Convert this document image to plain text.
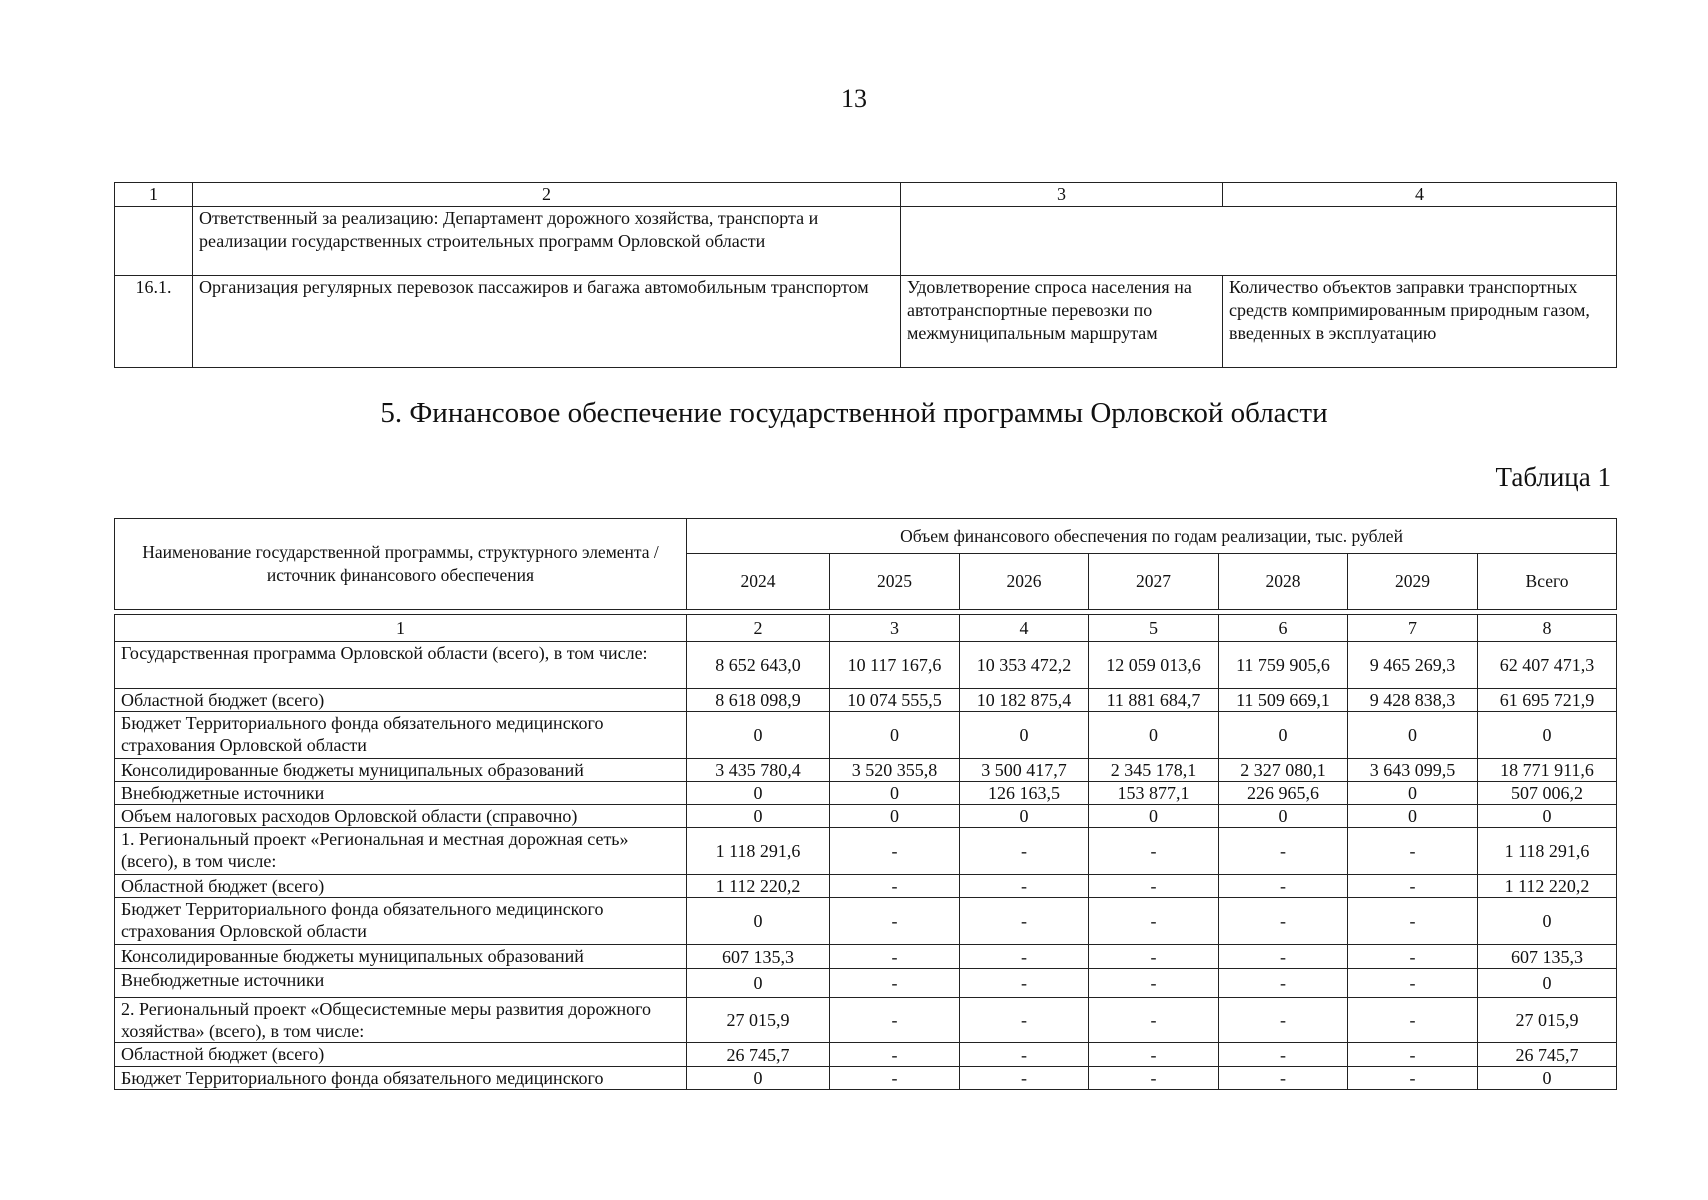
13
1	2	3	4
	Ответственный за реализацию: Департамент дорожного хозяйства, транспорта и реализации государственных строительных программ Орловской области		
16.1.	Организация регулярных перевозок пассажиров и багажа автомобильным транспортом	Удовлетворение спроса населения на автотранспортные перевозки по межмуниципальным маршрутам	Количество объектов заправки транспортных средств компримированным природным газом, введенных в эксплуатацию
5. Финансовое обеспечение государственной программы Орловской области
Таблица 1
Наименование государственной программы, структурного элемента / источник финансового обеспечения	Объем финансового обеспечения по годам реализации, тыс. рублей						
	2024	2025	2026	2027	2028	2029	Всего
1	2	3	4	5	6	7	8
Государственная программа Орловской области (всего), в том числе:	8 652 643,0	10 117 167,6	10 353 472,2	12 059 013,6	11 759 905,6	9 465 269,3	62 407 471,3
Областной бюджет (всего)	8 618 098,9	10 074 555,5	10 182 875,4	11 881 684,7	11 509 669,1	9 428 838,3	61 695 721,9
Бюджет Территориального фонда обязательного медицинского страхования Орловской области	0	0	0	0	0	0	0
Консолидированные бюджеты муниципальных образований	3 435 780,4	3 520 355,8	3 500 417,7	2 345 178,1	2 327 080,1	3 643 099,5	18 771 911,6
Внебюджетные источники	0	0	126 163,5	153 877,1	226 965,6	0	507 006,2
Объем налоговых расходов Орловской области (справочно)	0	0	0	0	0	0	0
1. Региональный проект «Региональная и местная дорожная сеть» (всего), в том числе:	1 118 291,6	-	-	-	-	-	1 118 291,6
Областной бюджет (всего)	1 112 220,2	-	-	-	-	-	1 112 220,2
Бюджет Территориального фонда обязательного медицинского страхования Орловской области	0	-	-	-	-	-	0
Консолидированные бюджеты муниципальных образований	607 135,3	-	-	-	-	-	607 135,3
Внебюджетные источники	0	-	-	-	-	-	0
2. Региональный проект «Общесистемные меры развития дорожного хозяйства» (всего), в том числе:	27 015,9	-	-	-	-	-	27 015,9
Областной бюджет (всего)	26 745,7	-	-	-	-	-	26 745,7
Бюджет Территориального фонда обязательного медицинского	0	-	-	-	-	-	0
